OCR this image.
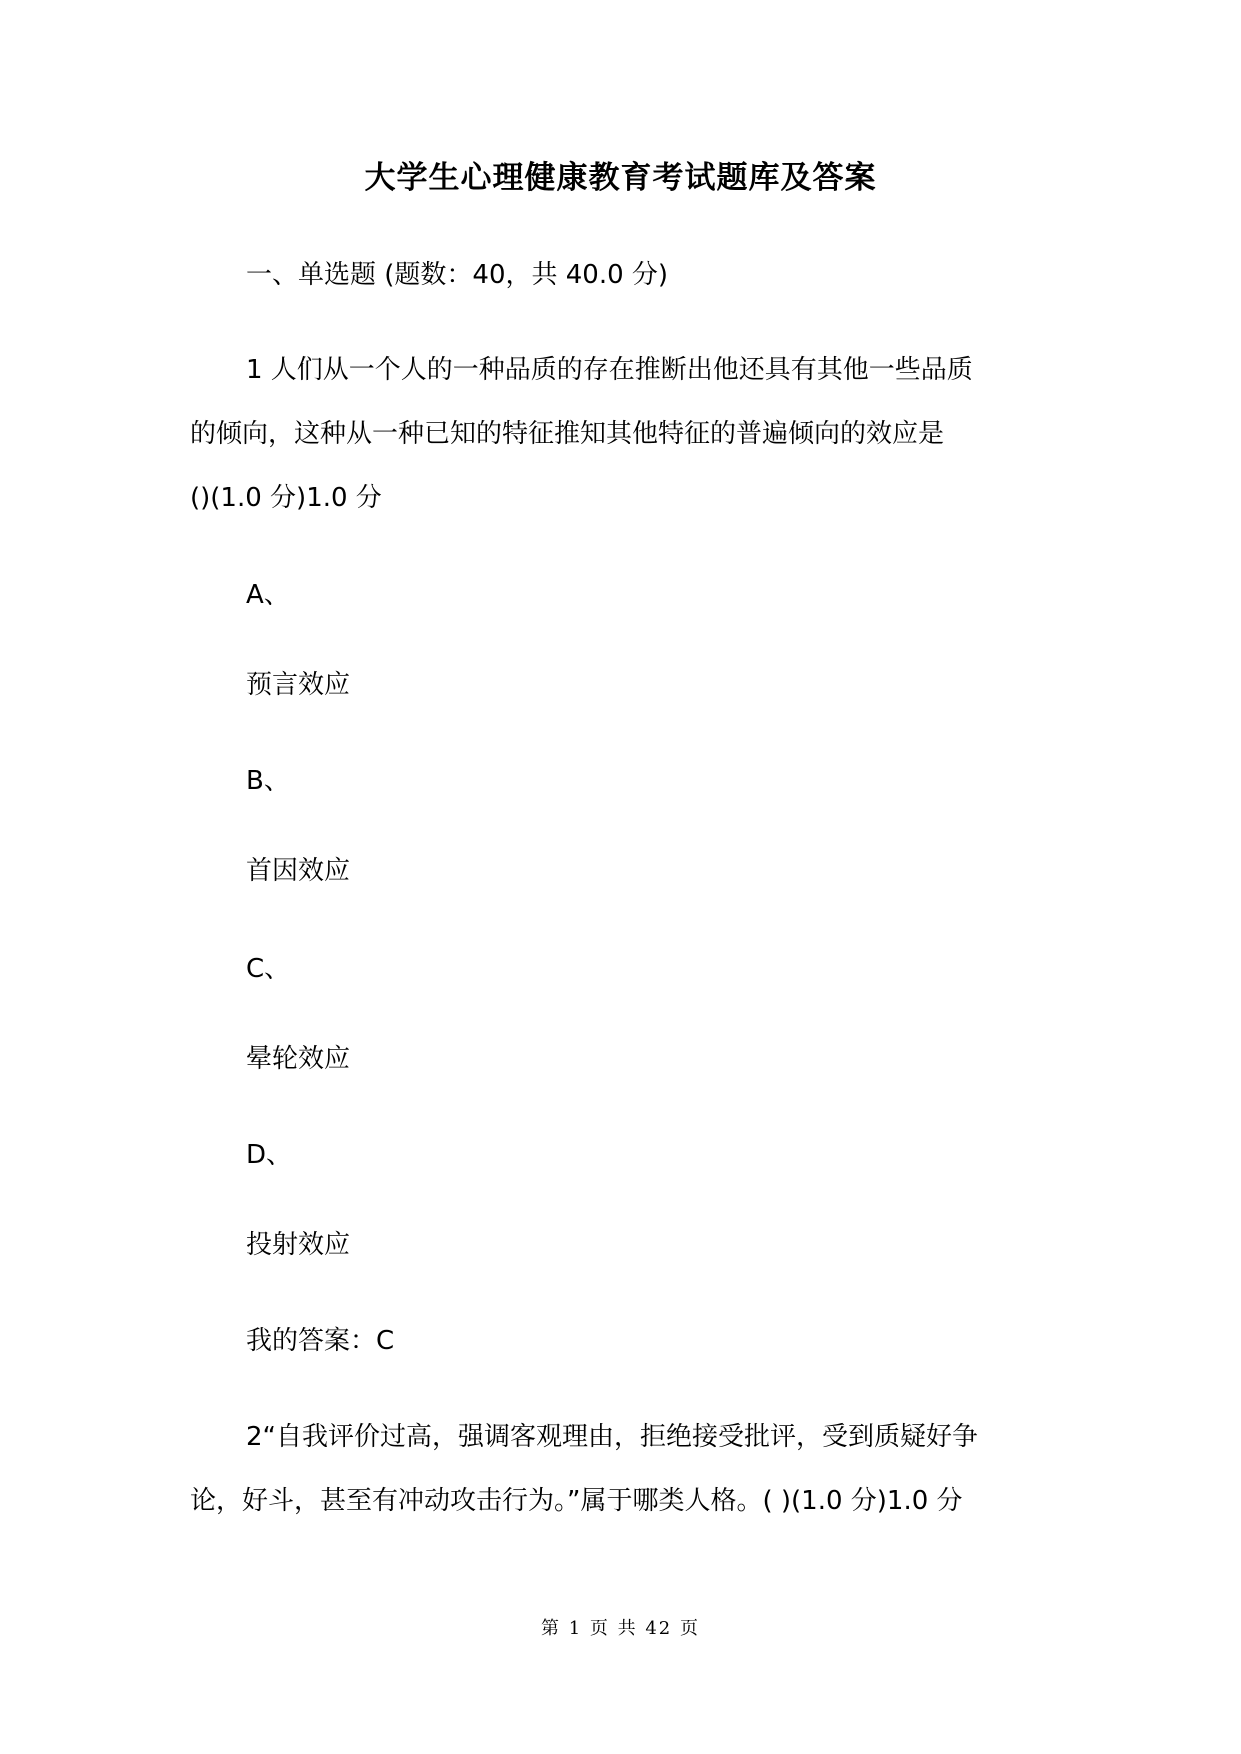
大学生心理健康教育考试题库及答案
一、单选题 (题数：40，共 40.0 分)
1 人们从一个人的一种品质的存在推断出他还具有其他一些品质
的倾向，这种从一种已知的特征推知其他特征的普遍倾向的效应是
()(1.0 分)1.0 分
A、
预言效应
B、
首因效应
C、
晕轮效应
D、
投射效应
我的答案：C
2“自我评价过高，强调客观理由，拒绝接受批评，受到质疑好争
论，好斗，甚至有冲动攻击行为。”属于哪类人格。( )(1.0 分)1.0 分
第 1 页 共 42 页
